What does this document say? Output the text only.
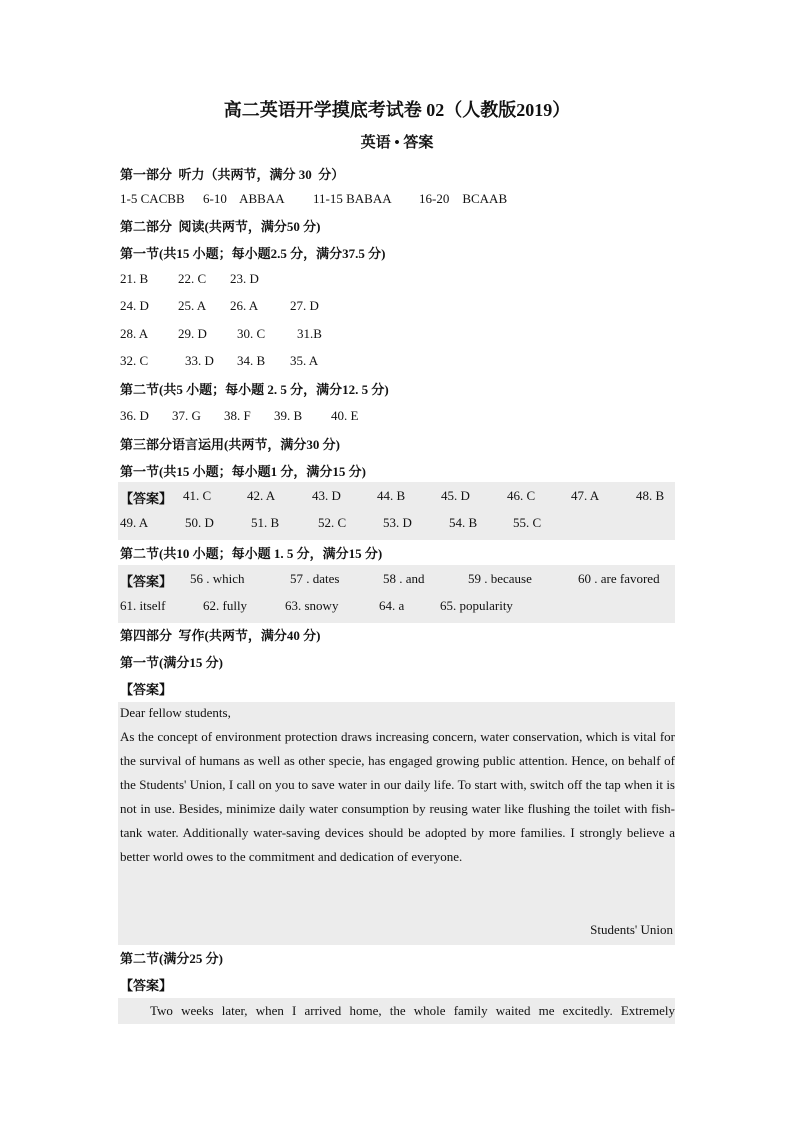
高二英语开学摸底考试卷 02（人教版2019）
英语 • 答案
第一部分  听力（共两节，满分 30  分）
1-5 CACBB 6-10    ABBAA 11-15 BABAA 16-20    BCAAB
第二部分  阅读(共两节，满分50 分)
第一节(共15 小题；每小题2.5 分，满分37.5 分)
21. B 22. C 23. D
24. D 25. A 26. A 27. D
28. A 29. D 30. C 31.B
32. C	33. D 34. B 35. A
第二节(共5 小题；每小题 2. 5 分，满分12. 5 分)
36. D 37. G 38. F 39. B 40. E
第三部分语言运用(共两节，满分30 分)
第一节(共15 小题；每小题1 分，满分15 分)
【答案】 41. C	42. A	43. D	44. B	45. D	46. C	47. A	48. B
49. A	50. D	51. B	52. C	53. D	54. B	55. C
第二节(共10 小题；每小题 1. 5 分，满分15 分)
【答案】 56 . which	57 . dates	58 . and	59 . because	60 . are favored
61. itself	62. fully	63. snowy	64. a	65. popularity
第四部分  写作(共两节，满分40 分)
第一节(满分15 分)
【答案】
Dear fellow students,
As the concept of environment protection draws increasing concern, water conservation, which is vital for the survival of humans as well as other specie, has engaged growing public attention. Hence, on behalf of the Students' Union, I call on you to save water in our daily life. To start with, switch off the tap when it is not in use. Besides, minimize daily water consumption by reusing water like flushing the toilet with fish-tank water. Additionally water-saving devices should be adopted by more families. I strongly believe a better world owes to the commitment and dedication of everyone.
Students' Union
第二节(满分25 分)
【答案】
Two weeks later, when I arrived home, the whole family waited me excitedly. Extremely
